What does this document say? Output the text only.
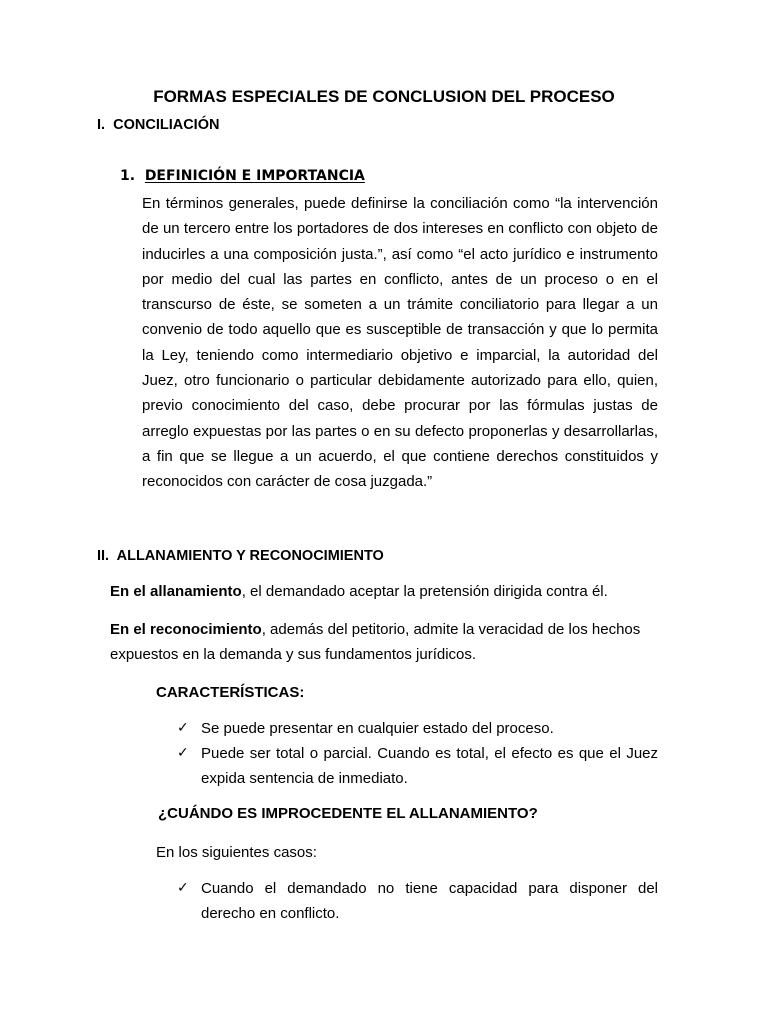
FORMAS ESPECIALES DE CONCLUSION DEL PROCESO
I. CONCILIACIÓN
1. DEFINICIÓN E IMPORTANCIA

En términos generales, puede definirse la conciliación como “la intervención de un tercero entre los portadores de dos intereses en conflicto con objeto de inducirles a una composición justa.”, así como “el acto jurídico e instrumento por medio del cual las partes en conflicto, antes de un proceso o en el transcurso de éste, se someten a un trámite conciliatorio para llegar a un convenio de todo aquello que es susceptible de transacción y que lo permita la Ley, teniendo como intermediario objetivo e imparcial, la autoridad del Juez, otro funcionario o particular debidamente autorizado para ello, quien, previo conocimiento del caso, debe procurar por las fórmulas justas de arreglo expuestas por las partes o en su defecto proponerlas y desarrollarlas, a fin que se llegue a un acuerdo, el que contiene derechos constituidos y reconocidos con carácter de cosa juzgada.”

II. ALLANAMIENTO Y RECONOCIMIENTO

En el allanamiento, el demandado aceptar la pretensión dirigida contra él.

En el reconocimiento, además del petitorio, admite la veracidad de los hechos expuestos en la demanda y sus fundamentos jurídicos.

CARACTERÍSTICAS:
✓ Se puede presentar en cualquier estado del proceso.
✓ Puede ser total o parcial. Cuando es total, el efecto es que el Juez expida sentencia de inmediato.
¿CUÁNDO ES IMPROCEDENTE EL ALLANAMIENTO?

En los siguientes casos:

✓ Cuando el demandado no tiene capacidad para disponer del derecho en conflicto.
